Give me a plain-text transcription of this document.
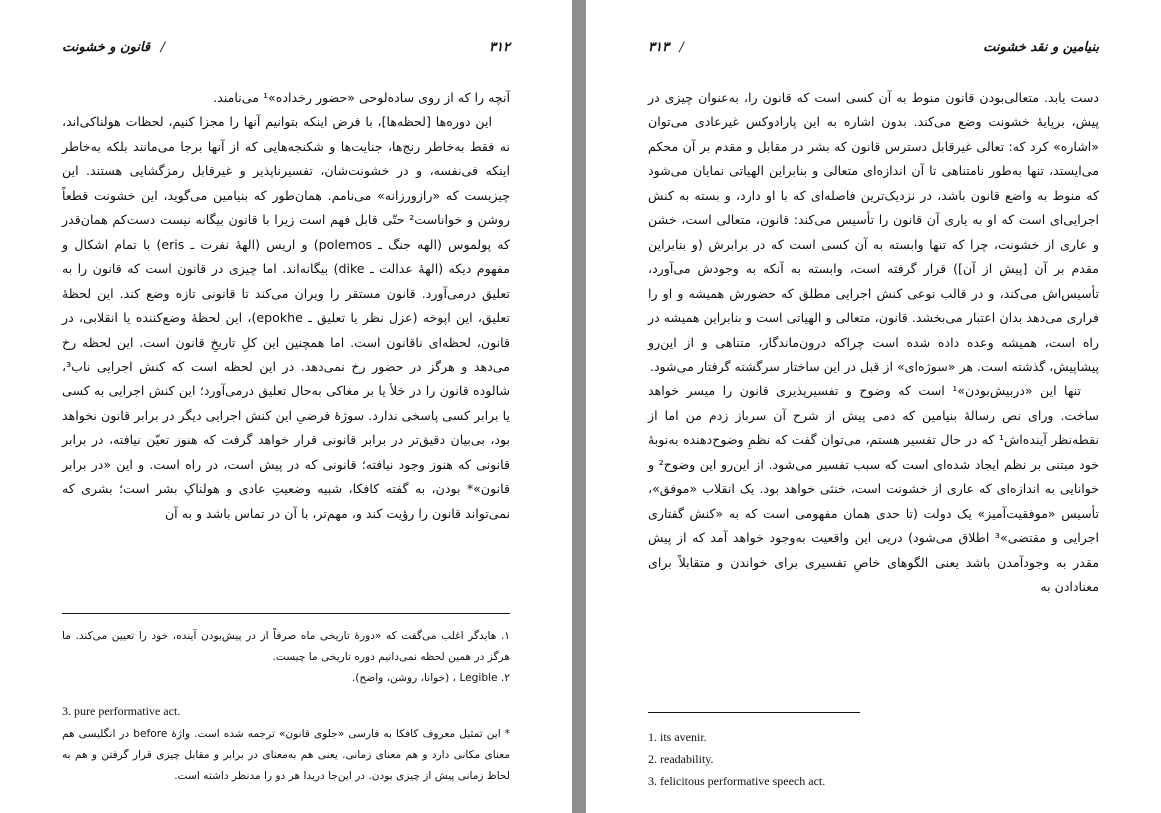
۳۱۲
/ قانون و خشونت

آنچه را که از روی ساده‌لوحی «حضور رخداده»¹ می‌نامند.

این دوره‌ها [لحظه‌ها]، با فرض اینکه بتوانیم آنها را مجزا کنیم، لحظات هولناکی‌اند، نه فقط به‌خاطر رنج‌ها، جنایت‌ها و شکنجه‌هایی که از آنها برجا می‌مانند بلکه به‌خاطر اینکه فی‌نفسه، و در خشونت‌شان، تفسیرناپذیر و غیرقابل رمزگشایی هستند. این چیزیست که «رازورزانه» می‌نامم. همان‌طور که بنیامین می‌گوید، این خشونت قطعاً روشن و خواناست² حتّی قابل فهم است زیرا با قانون بیگانه نیست دست‌کم همان‌قدر که پولموس (الهه جنگ ـ polemos) و اریس (الههٔ نفرت ـ eris) با تمام اشکال و مفهوم دیکه (الههٔ عدالت ـ dike) بیگانه‌اند. اما چیزی در قانون است که قانون را به تعلیق درمی‌آورد. قانون مستقر را ویران می‌کند تا قانونی تازه وضع کند. این لحظهٔ تعلیق، این اپوخه (عزل نظر یا تعلیق ـ epokhe)، این لحظهٔ وضع‌کننده یا انقلابی، در قانون، لحظه‌ای ناقانون است. اما همچنین این کلِ تاریخِ قانون است. این لحظه رخ می‌دهد و هرگز در حضور رخ نمی‌دهد. در این لحظه است که کنش اجرایی ناب³، شالوده قانون را در خلأ یا بر مغاکی به‌حال تعلیق درمی‌آورد؛ این کنش اجرایی به کسی یا برابر کسی پاسخی ندارد. سوژهٔ فرضیِ این کنش اجرایی دیگر در برابر قانون نخواهد بود، بی‌بیان دقیق‌تر در برابر قانونی قرار خواهد گرفت که هنوز تعیّن نیافته، در برابر قانونی که هنوز وجود نیافته؛ قانونی که در پیش است، در راه است. و این «در برابر قانون»* بودن، به گفته کافکا، شبیه وضعیتِ عادی و هولناکِ بشر است؛ بشری که نمی‌تواند قانون را رؤیت کند و، مهم‌تر، با آن در تماس باشد و به آن

۱. هایدگر اغلب می‌گفت که «دورهٔ تاریخی ماه صرفاً از در پیش‌بودن آینده، خود را تعیین می‌کند. ما هرگز در همین لحظه نمی‌دانیم دوره تاریخی ما چیست.
۲. Legible ، (خوانا، روشن، واضح).
3. pure performative act.
* این تمثیل معروف کافکا به فارسی «جلوی قانون» ترجمه شده است. واژهٔ before در انگلیسی هم معنای مکانی دارد و هم معنای زمانی. یعنی هم به‌معنای در برابر و مقابل چیزی قرار گرفتن و هم به لحاظ زمانی پیش از چیزی بودن. در این‌جا دریدا هر دو را مدنظر داشته است.
بنیامین و نقد خشونت
/ ۳۱۳

دست یابد. متعالی‌بودن قانون منوط به آن کسی است که قانون را، به‌عنوان چیزی در پیش، برپایهٔ خشونت وضع می‌کند. بدون اشاره به این پارادوکس غیرعادی می‌توان «اشاره» کرد که: تعالی غیرقابل دسترس قانون که بشر در مقابل و مقدم بر آن محکم می‌ایستد، تنها به‌طور نامتناهی تا آن اندازه‌ای متعالی و بنابراین الهیاتی نمایان می‌شود که منوط به واضع قانون باشد، در نزدیک‌ترین فاصله‌ای که با او دارد، و بسته به کنش اجرایی‌ای است که او به یاری آن قانون را تأسیس می‌کند: قانون، متعالی است، خشن و عاری از خشونت، چرا که تنها وابسته به آن کسی است که در برابرش (و بنابراین مقدم بر آن [پیش از آن]) قرار گرفته است، وابسته به آنکه به وجودش می‌آورد، تأسیس‌اش می‌کند، و در قالب نوعی کنش اجرایی مطلق که حضورش همیشه و او را فراری می‌دهد بدان اعتبار می‌بخشد. قانون، متعالی و الهیاتی است و بنابراین همیشه در راه است، همیشه وعده داده شده است چراکه درون‌ماندگار، متناهی و از این‌رو پیشاپیش، گذشته است. هر «سوژه‌ای» از قبل در این ساختار سرگشته گرفتار می‌شود.

تنها این «دربیش‌بودن»¹ است که وضوح و تفسیرپذیری قانون را میسر خواهد ساخت. ورای نص رسالهٔ بنیامین که دمی پیش از شرح آن سرباز زدم من اما از نقطه‌نظر آینده‌اش¹ که در حال تفسیر هستم، می‌توان گفت که نظمِ وضوح‌دهنده به‌نوبهٔ خود مبتنی بر نظم ایجاد شده‌ای است که سبب تفسیر می‌شود. از این‌رو این وضوح² و خوانایی به اندازه‌ای که عاری از خشونت است، خنثی خواهد بود. یک انقلاب «موفق»، تأسیس «موفقیت‌آمیز» یک دولت (تا حدی همان مفهومی است که به «کنش گفتاری اجرایی و مقتضی»³ اطلاق می‌شود) دریی این واقعیت به‌وجود خواهد آمد که از پیش مقدر به وجودآمدن باشد یعنی الگوهای خاصِ تفسیری برای خواندن و متقابلاً برای معنادادن به

1. its avenir.
2. readability.
3. felicitous performative speech act.
